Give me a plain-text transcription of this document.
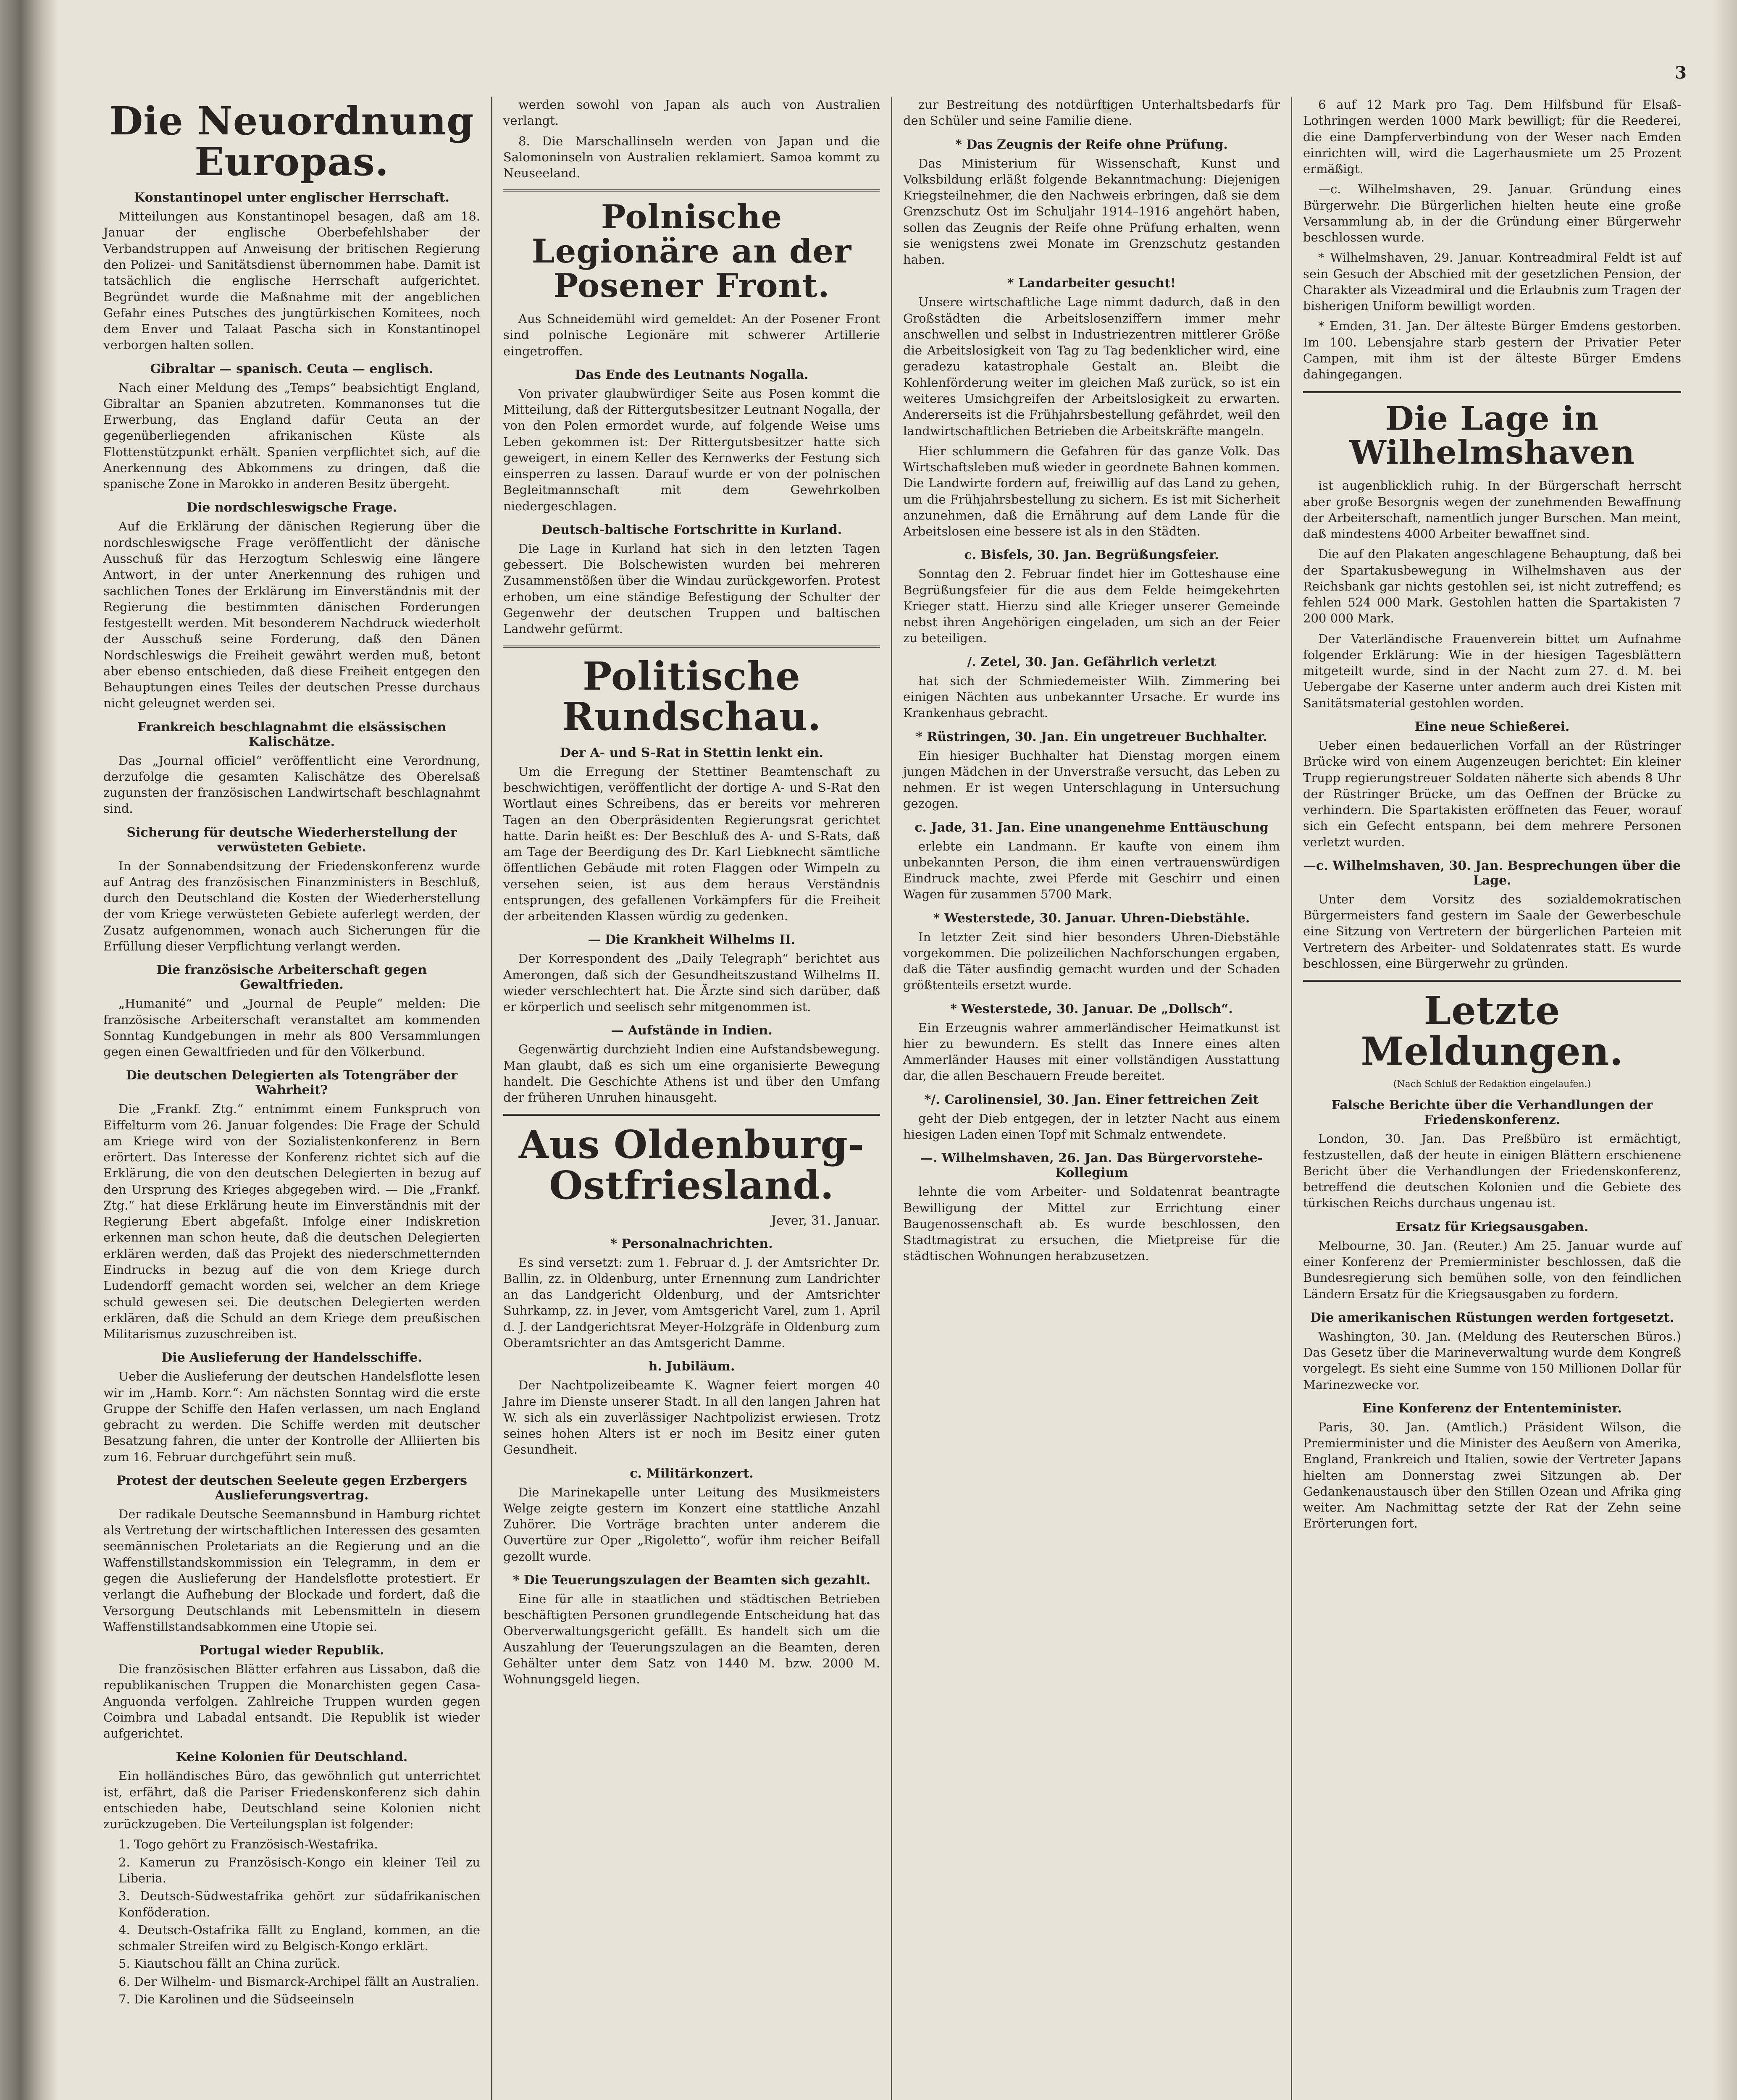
3
Die Neuordnung Europas.
Konstantinopel unter englischer Herrschaft.

Mitteilungen aus Konstantinopel besagen, daß am 18. Januar der englische Oberbefehlshaber der Verbandstruppen auf Anweisung der britischen Regierung den Polizei- und Sanitätsdienst übernommen habe. Damit ist tatsächlich die englische Herrschaft aufgerichtet. Begründet wurde die Maßnahme mit der angeblichen Gefahr eines Putsches des jungtürkischen Komitees, noch dem Enver und Talaat Pascha sich in Konstantinopel verborgen halten sollen.

Gibraltar — spanisch. Ceuta — englisch.

Nach einer Meldung des „Temps“ beabsichtigt England, Gibraltar an Spanien abzutreten. Kommanonses tut die Erwerbung, das England dafür Ceuta an der gegenüberliegenden afrikanischen Küste als Flottenstützpunkt erhält. Spanien verpflichtet sich, auf die Anerkennung des Abkommens zu dringen, daß die spanische Zone in Marokko in anderen Besitz übergeht.

Die nordschleswigsche Frage.

Auf die Erklärung der dänischen Regierung über die nordschleswigsche Frage veröffentlicht der dänische Ausschuß für das Herzogtum Schleswig eine längere Antwort, in der unter Anerkennung des ruhigen und sachlichen Tones der Erklärung im Einverständnis mit der Regierung die bestimmten dänischen Forderungen festgestellt werden. Mit besonderem Nachdruck wiederholt der Ausschuß seine Forderung, daß den Dänen Nordschleswigs die Freiheit gewährt werden muß, betont aber ebenso entschieden, daß diese Freiheit entgegen den Behauptungen eines Teiles der deutschen Presse durchaus nicht geleugnet werden sei.

Frankreich beschlagnahmt die elsässischen Kalischätze.

Das „Journal officiel“ veröffentlicht eine Verordnung, derzufolge die gesamten Kalischätze des Oberelsaß zugunsten der französischen Landwirtschaft beschlagnahmt sind.

Sicherung für deutsche Wiederherstellung der verwüsteten Gebiete.

In der Sonnabendsitzung der Friedenskonferenz wurde auf Antrag des französischen Finanzministers in Beschluß, durch den Deutschland die Kosten der Wiederherstellung der vom Kriege verwüsteten Gebiete auferlegt werden, der Zusatz aufgenommen, wonach auch Sicherungen für die Erfüllung dieser Verpflichtung verlangt werden.

Die französische Arbeiterschaft gegen Gewaltfrieden.

„Humanité“ und „Journal de Peuple“ melden: Die französische Arbeiterschaft veranstaltet am kommenden Sonntag Kundgebungen in mehr als 800 Versammlungen gegen einen Gewaltfrieden und für den Völkerbund.

Die deutschen Delegierten als Totengräber der Wahrheit?

Die „Frankf. Ztg.“ entnimmt einem Funkspruch von Eiffelturm vom 26. Januar folgendes: Die Frage der Schuld am Kriege wird von der Sozialistenkonferenz in Bern erörtert. Das Interesse der Konferenz richtet sich auf die Erklärung, die von den deutschen Delegierten in bezug auf den Ursprung des Krieges abgegeben wird. — Die „Frankf. Ztg.“ hat diese Erklärung heute im Einverständnis mit der Regierung Ebert abgefaßt. Infolge einer Indiskretion erkennen man schon heute, daß die deutschen Delegierten erklären werden, daß das Projekt des niederschmetternden Eindrucks in bezug auf die von dem Kriege durch Ludendorff gemacht worden sei, welcher an dem Kriege schuld gewesen sei. Die deutschen Delegierten werden erklären, daß die Schuld an dem Kriege dem preußischen Militarismus zuzuschreiben ist.

Die Auslieferung der Handelsschiffe.

Ueber die Auslieferung der deutschen Handelsflotte lesen wir im „Hamb. Korr.“: Am nächsten Sonntag wird die erste Gruppe der Schiffe den Hafen verlassen, um nach England gebracht zu werden. Die Schiffe werden mit deutscher Besatzung fahren, die unter der Kontrolle der Alliierten bis zum 16. Februar durchgeführt sein muß.

Protest der deutschen Seeleute gegen Erzbergers Auslieferungsvertrag.

Der radikale Deutsche Seemannsbund in Hamburg richtet als Vertretung der wirtschaftlichen Interessen des gesamten seemännischen Proletariats an die Regierung und an die Waffenstillstandskommission ein Telegramm, in dem er gegen die Auslieferung der Handelsflotte protestiert. Er verlangt die Aufhebung der Blockade und fordert, daß die Versorgung Deutschlands mit Lebensmitteln in diesem Waffenstillstandsabkommen eine Utopie sei.

Portugal wieder Republik.

Die französischen Blätter erfahren aus Lissabon, daß die republikanischen Truppen die Monarchisten gegen Casa-Anguonda verfolgen. Zahlreiche Truppen wurden gegen Coimbra und Labadal entsandt. Die Republik ist wieder aufgerichtet.

Keine Kolonien für Deutschland.

Ein holländisches Büro, das gewöhnlich gut unterrichtet ist, erfährt, daß die Pariser Friedenskonferenz sich dahin entschieden habe, Deutschland seine Kolonien nicht zurückzugeben. Die Verteilungsplan ist folgender:

1. Togo gehört zu Französisch-Westafrika.

2. Kamerun zu Französisch-Kongo ein kleiner Teil zu Liberia.

3. Deutsch-Südwestafrika gehört zur südafrikanischen Konföderation.

4. Deutsch-Ostafrika fällt zu England, kommen, an die schmaler Streifen wird zu Belgisch-Kongo erklärt.

5. Kiautschou fällt an China zurück.

6. Der Wilhelm- und Bismarck-Archipel fällt an Australien.

7. Die Karolinen und die Südseeinseln

werden sowohl von Japan als auch von Australien verlangt.

8. Die Marschallinseln werden von Japan und die Salomoninseln von Australien reklamiert. Samoa kommt zu Neuseeland.

Polnische Legionäre an der Posener Front.

Aus Schneidemühl wird gemeldet: An der Posener Front sind polnische Legionäre mit schwerer Artillerie eingetroffen.

Das Ende des Leutnants Nogalla.

Von privater glaubwürdiger Seite aus Posen kommt die Mitteilung, daß der Rittergutsbesitzer Leutnant Nogalla, der von den Polen ermordet wurde, auf folgende Weise ums Leben gekommen ist: Der Rittergutsbesitzer hatte sich geweigert, in einem Keller des Kernwerks der Festung sich einsperren zu lassen. Darauf wurde er von der polnischen Begleitmannschaft mit dem Gewehrkolben niedergeschlagen.

Deutsch-baltische Fortschritte in Kurland.

Die Lage in Kurland hat sich in den letzten Tagen gebessert. Die Bolschewisten wurden bei mehreren Zusammenstößen über die Windau zurückgeworfen. Protest erhoben, um eine ständige Befestigung der Schulter der Gegenwehr der deutschen Truppen und baltischen Landwehr gefürmt.

Politische Rundschau.
Der A- und S-Rat in Stettin lenkt ein.

Um die Erregung der Stettiner Beamtenschaft zu beschwichtigen, veröffentlicht der dortige A- und S-Rat den Wortlaut eines Schreibens, das er bereits vor mehreren Tagen an den Oberpräsidenten Regierungsrat gerichtet hatte. Darin heißt es: Der Beschluß des A- und S-Rats, daß am Tage der Beerdigung des Dr. Karl Liebknecht sämtliche öffentlichen Gebäude mit roten Flaggen oder Wimpeln zu versehen seien, ist aus dem heraus Verständnis entsprungen, des gefallenen Vorkämpfers für die Freiheit der arbeitenden Klassen würdig zu gedenken.

— Die Krankheit Wilhelms II.

Der Korrespondent des „Daily Telegraph“ berichtet aus Amerongen, daß sich der Gesundheitszustand Wilhelms II. wieder verschlechtert hat. Die Ärzte sind sich darüber, daß er körperlich und seelisch sehr mitgenommen ist.

— Aufstände in Indien.

Gegenwärtig durchzieht Indien eine Aufstandsbewegung. Man glaubt, daß es sich um eine organisierte Bewegung handelt. Die Geschichte Athens ist und über den Umfang der früheren Unruhen hinausgeht.

Aus Oldenburg-Ostfriesland.
Jever, 31. Januar.
* Personalnachrichten.

Es sind versetzt: zum 1. Februar d. J. der Amtsrichter Dr. Ballin, zz. in Oldenburg, unter Ernennung zum Landrichter an das Landgericht Oldenburg, und der Amtsrichter Suhrkamp, zz. in Jever, vom Amtsgericht Varel, zum 1. April d. J. der Landgerichtsrat Meyer-Holzgräfe in Oldenburg zum Oberamtsrichter an das Amtsgericht Damme.

h. Jubiläum.

Der Nachtpolizeibeamte K. Wagner feiert morgen 40 Jahre im Dienste unserer Stadt. In all den langen Jahren hat W. sich als ein zuverlässiger Nachtpolizist erwiesen. Trotz seines hohen Alters ist er noch im Besitz einer guten Gesundheit.

c. Militärkonzert.

Die Marinekapelle unter Leitung des Musikmeisters Welge zeigte gestern im Konzert eine stattliche Anzahl Zuhörer. Die Vorträge brachten unter anderem die Ouvertüre zur Oper „Rigoletto“, wofür ihm reicher Beifall gezollt wurde.

* Die Teuerungszulagen der Beamten sich gezahlt.

Eine für alle in staatlichen und städtischen Betrieben beschäftigten Personen grundlegende Entscheidung hat das Oberverwaltungsgericht gefällt. Es handelt sich um die Auszahlung der Teuerungszulagen an die Beamten, deren Gehälter unter dem Satz von 1440 M. bzw. 2000 M. Wohnungsgeld liegen.

zur Bestreitung des notdürftigen Unterhaltsbedarfs für den Schüler und seine Familie diene.

* Das Zeugnis der Reife ohne Prüfung.

Das Ministerium für Wissenschaft, Kunst und Volksbildung erläßt folgende Bekanntmachung: Diejenigen Kriegsteilnehmer, die den Nachweis erbringen, daß sie dem Grenzschutz Ost im Schuljahr 1914–1916 angehört haben, sollen das Zeugnis der Reife ohne Prüfung erhalten, wenn sie wenigstens zwei Monate im Grenzschutz gestanden haben.

* Landarbeiter gesucht!

Unsere wirtschaftliche Lage nimmt dadurch, daß in den Großstädten die Arbeitslosenziffern immer mehr anschwellen und selbst in Industriezentren mittlerer Größe die Arbeitslosigkeit von Tag zu Tag bedenklicher wird, eine geradezu katastrophale Gestalt an. Bleibt die Kohlenförderung weiter im gleichen Maß zurück, so ist ein weiteres Umsichgreifen der Arbeitslosigkeit zu erwarten. Andererseits ist die Frühjahrsbestellung gefährdet, weil den landwirtschaftlichen Betrieben die Arbeitskräfte mangeln.

Hier schlummern die Gefahren für das ganze Volk. Das Wirtschaftsleben muß wieder in geordnete Bahnen kommen. Die Landwirte fordern auf, freiwillig auf das Land zu gehen, um die Frühjahrsbestellung zu sichern. Es ist mit Sicherheit anzunehmen, daß die Ernährung auf dem Lande für die Arbeitslosen eine bessere ist als in den Städten.

c. Bisfels, 30. Jan. Begrüßungsfeier.

Sonntag den 2. Februar findet hier im Gotteshause eine Begrüßungsfeier für die aus dem Felde heimgekehrten Krieger statt. Hierzu sind alle Krieger unserer Gemeinde nebst ihren Angehörigen eingeladen, um sich an der Feier zu beteiligen.

/. Zetel, 30. Jan. Gefährlich verletzt

hat sich der Schmiedemeister Wilh. Zimmering bei einigen Nächten aus unbekannter Ursache. Er wurde ins Krankenhaus gebracht.

* Rüstringen, 30. Jan. Ein ungetreuer Buchhalter.

Ein hiesiger Buchhalter hat Dienstag morgen einem jungen Mädchen in der Unverstraße versucht, das Leben zu nehmen. Er ist wegen Unterschlagung in Untersuchung gezogen.

c. Jade, 31. Jan. Eine unangenehme Enttäuschung

erlebte ein Landmann. Er kaufte von einem ihm unbekannten Person, die ihm einen vertrauenswürdigen Eindruck machte, zwei Pferde mit Geschirr und einen Wagen für zusammen 5700 Mark.

* Westerstede, 30. Januar. Uhren-Diebstähle.

In letzter Zeit sind hier besonders Uhren-Diebstähle vorgekommen. Die polizeilichen Nachforschungen ergaben, daß die Täter ausfindig gemacht wurden und der Schaden größtenteils ersetzt wurde.

* Westerstede, 30. Januar. De „Dollsch“.

Ein Erzeugnis wahrer ammerländischer Heimatkunst ist hier zu bewundern. Es stellt das Innere eines alten Ammerländer Hauses mit einer vollständigen Ausstattung dar, die allen Beschauern Freude bereitet.

*/. Carolinensiel, 30. Jan. Einer fettreichen Zeit

geht der Dieb entgegen, der in letzter Nacht aus einem hiesigen Laden einen Topf mit Schmalz entwendete.

—. Wilhelmshaven, 26. Jan. Das Bürgervorstehe-Kollegium

lehnte die vom Arbeiter- und Soldatenrat beantragte Bewilligung der Mittel zur Errichtung einer Baugenossenschaft ab. Es wurde beschlossen, den Stadtmagistrat zu ersuchen, die Mietpreise für die städtischen Wohnungen herabzusetzen.

6 auf 12 Mark pro Tag. Dem Hilfsbund für Elsaß-Lothringen werden 1000 Mark bewilligt; für die Reederei, die eine Dampferverbindung von der Weser nach Emden einrichten will, wird die Lagerhausmiete um 25 Prozent ermäßigt.

—c. Wilhelmshaven, 29. Januar. Gründung eines Bürgerwehr. Die Bürgerlichen hielten heute eine große Versammlung ab, in der die Gründung einer Bürgerwehr beschlossen wurde.

* Wilhelmshaven, 29. Januar. Kontreadmiral Feldt ist auf sein Gesuch der Abschied mit der gesetzlichen Pension, der Charakter als Vizeadmiral und die Erlaubnis zum Tragen der bisherigen Uniform bewilligt worden.

* Emden, 31. Jan. Der älteste Bürger Emdens gestorben. Im 100. Lebensjahre starb gestern der Privatier Peter Campen, mit ihm ist der älteste Bürger Emdens dahingegangen.

Die Lage in Wilhelmshaven

ist augenblicklich ruhig. In der Bürgerschaft herrscht aber große Besorgnis wegen der zunehmenden Bewaffnung der Arbeiterschaft, namentlich junger Burschen. Man meint, daß mindestens 4000 Arbeiter bewaffnet sind.

Die auf den Plakaten angeschlagene Behauptung, daß bei der Spartakusbewegung in Wilhelmshaven aus der Reichsbank gar nichts gestohlen sei, ist nicht zutreffend; es fehlen 524 000 Mark. Gestohlen hatten die Spartakisten 7 200 000 Mark.

Der Vaterländische Frauenverein bittet um Aufnahme folgender Erklärung: Wie in der hiesigen Tagesblättern mitgeteilt wurde, sind in der Nacht zum 27. d. M. bei Uebergabe der Kaserne unter anderm auch drei Kisten mit Sanitätsmaterial gestohlen worden.

Eine neue Schießerei.

Ueber einen bedauerlichen Vorfall an der Rüstringer Brücke wird von einem Augenzeugen berichtet: Ein kleiner Trupp regierungstreuer Soldaten näherte sich abends 8 Uhr der Rüstringer Brücke, um das Oeffnen der Brücke zu verhindern. Die Spartakisten eröffneten das Feuer, worauf sich ein Gefecht entspann, bei dem mehrere Personen verletzt wurden.

—c. Wilhelmshaven, 30. Jan. Besprechungen über die Lage.

Unter dem Vorsitz des sozialdemokratischen Bürgermeisters fand gestern im Saale der Gewerbeschule eine Sitzung von Vertretern der bürgerlichen Parteien mit Vertretern des Arbeiter- und Soldatenrates statt. Es wurde beschlossen, eine Bürgerwehr zu gründen.

Letzte Meldungen.
(Nach Schluß der Redaktion eingelaufen.)
Falsche Berichte über die Verhandlungen der Friedenskonferenz.

London, 30. Jan. Das Preßbüro ist ermächtigt, festzustellen, daß der heute in einigen Blättern erschienene Bericht über die Verhandlungen der Friedenskonferenz, betreffend die deutschen Kolonien und die Gebiete des türkischen Reichs durchaus ungenau ist.

Ersatz für Kriegsausgaben.

Melbourne, 30. Jan. (Reuter.) Am 25. Januar wurde auf einer Konferenz der Premierminister beschlossen, daß die Bundesregierung sich bemühen solle, von den feindlichen Ländern Ersatz für die Kriegsausgaben zu fordern.

Die amerikanischen Rüstungen werden fortgesetzt.

Washington, 30. Jan. (Meldung des Reuterschen Büros.) Das Gesetz über die Marineverwaltung wurde dem Kongreß vorgelegt. Es sieht eine Summe von 150 Millionen Dollar für Marinezwecke vor.

Eine Konferenz der Ententeminister.

Paris, 30. Jan. (Amtlich.) Präsident Wilson, die Premierminister und die Minister des Aeußern von Amerika, England, Frankreich und Italien, sowie der Vertreter Japans hielten am Donnerstag zwei Sitzungen ab. Der Gedankenaustausch über den Stillen Ozean und Afrika ging weiter. Am Nachmittag setzte der Rat der Zehn seine Erörterungen fort.
